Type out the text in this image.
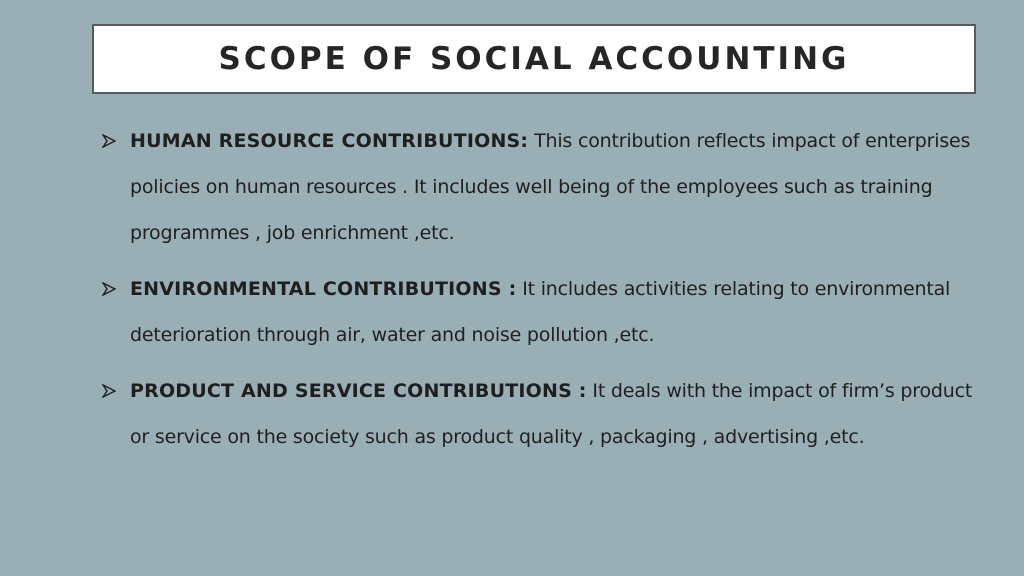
SCOPE OF SOCIAL ACCOUNTING
HUMAN RESOURCE CONTRIBUTIONS: This contribution reflects impact of enterprises policies on human resources . It includes well being of the employees such as training programmes , job enrichment ,etc.
ENVIRONMENTAL CONTRIBUTIONS : It includes activities relating to environmental deterioration through air, water and noise pollution ,etc.
PRODUCT AND SERVICE CONTRIBUTIONS : It deals with the impact of firm’s product or service on the society such as product quality , packaging , advertising ,etc.
